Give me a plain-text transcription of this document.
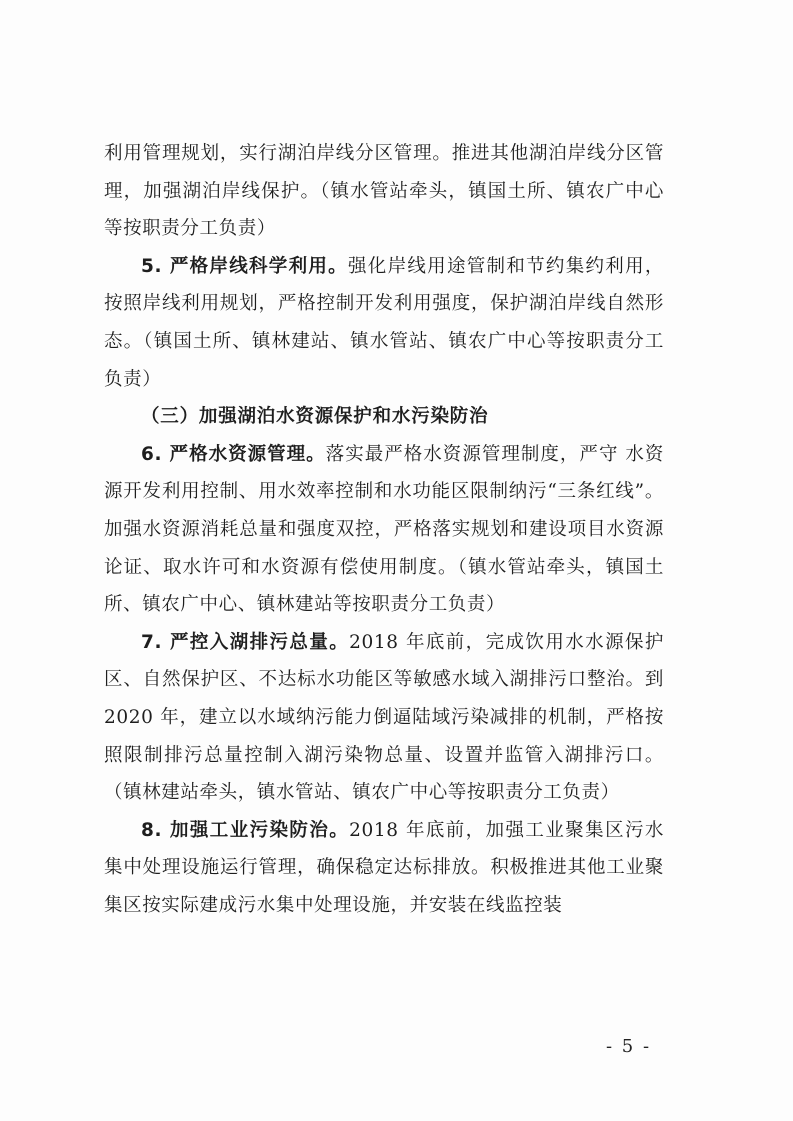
利用管理规划，实行湖泊岸线分区管理。推进其他湖泊岸线分区管理，加强湖泊岸线保护。（镇水管站牵头，镇国土所、镇农广中心等按职责分工负责）

5. 严格岸线科学利用。强化岸线用途管制和节约集约利用，按照岸线利用规划，严格控制开发利用强度，保护湖泊岸线自然形态。（镇国土所、镇林建站、镇水管站、镇农广中心等按职责分工负责）

（三）加强湖泊水资源保护和水污染防治

6. 严格水资源管理。落实最严格水资源管理制度，严守 水资源开发利用控制、用水效率控制和水功能区限制纳污“三条红线”。加强水资源消耗总量和强度双控，严格落实规划和建设项目水资源论证、取水许可和水资源有偿使用制度。（镇水管站牵头，镇国土所、镇农广中心、镇林建站等按职责分工负责）

7. 严控入湖排污总量。2018 年底前，完成饮用水水源保护区、自然保护区、不达标水功能区等敏感水域入湖排污口整治。到 2020 年，建立以水域纳污能力倒逼陆域污染减排的机制，严格按照限制排污总量控制入湖污染物总量、设置并监管入湖排污口。（镇林建站牵头，镇水管站、镇农广中心等按职责分工负责）

8. 加强工业污染防治。2018 年底前，加强工业聚集区污水集中处理设施运行管理，确保稳定达标排放。积极推进其他工业聚集区按实际建成污水集中处理设施，并安装在线监控装

- 5 -
